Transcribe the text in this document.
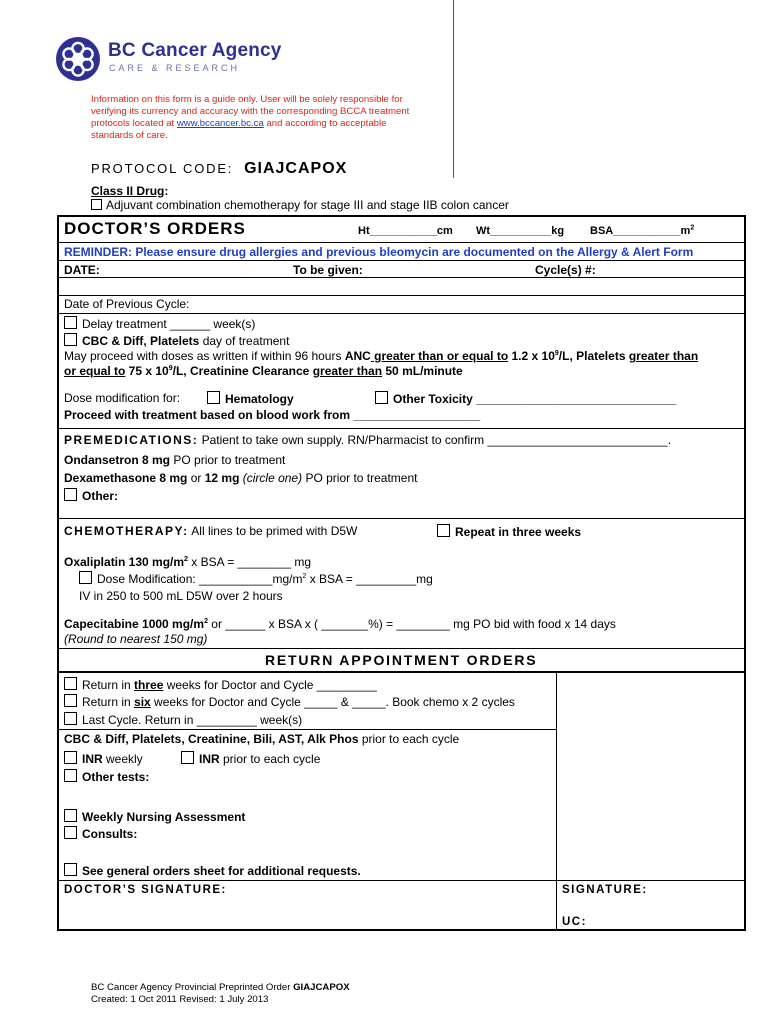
BC Cancer Agency
CARE & RESEARCH
Information on this form is a guide only. User will be solely responsible for verifying its currency and accuracy with the corresponding BCCA treatment protocols located at www.bccancer.bc.ca and according to acceptable standards of care.
PROTOCOL CODE: GIAJCAPOX
Class II Drug:
Adjuvant combination chemotherapy for stage III and stage IIB colon cancer
DOCTOR’S ORDERS	Ht___________cm Wt__________kg $BSA\_\_\_\_\_\_\_\_\_\_\_m^2$
REMINDER: Please ensure drug allergies and previous bleomycin are documented on the Allergy & Alert Form
DATE:	To be given:	Cycle(s) #:
Date of Previous Cycle:
Delay treatment ______ week(s)
CBC & Diff, Platelets day of treatment
May proceed with doses as written if within 96 hours ANC greater than or equal to 1.2 x $10^9/L$, Platelets greater than
or equal to 75 x $10^9/L$, Creatinine Clearance greater than 50 mL/minute
Dose modification for:	Hematology	Other Toxicity ______________________________
Proceed with treatment based on blood work from ___________________
PREMEDICATIONS: Patient to take own supply. RN/Pharmacist to confirm ___________________________.
Ondansetron 8 mg PO prior to treatment
Dexamethasone 8 mg or 12 mg (circle one) PO prior to treatment
Other:
CHEMOTHERAPY: All lines to be primed with D5W	Repeat in three weeks
Oxaliplatin 130 $mg/m^2$ x BSA = ________ mg
Dose Modification: $\_\_\_\_\_\_\_\_\_\_\_mg/m^2$ x BSA = _________mg
IV in 250 to 500 mL D5W over 2 hours
Capecitabine 1000 $mg/m^2$ or ______ x BSA x ( _______%) = ________ mg PO bid with food x 14 days
(Round to nearest 150 mg)
RETURN APPOINTMENT ORDERS
Return in three weeks for Doctor and Cycle _________
Return in six weeks for Doctor and Cycle _____ & _____. Book chemo x 2 cycles
Last Cycle. Return in _________ week(s)
CBC & Diff, Platelets, Creatinine, Bili, AST, Alk Phos prior to each cycle
INR weekly	INR prior to each cycle
Other tests:
Weekly Nursing Assessment
Consults:
See general orders sheet for additional requests.
DOCTOR’S SIGNATURE:	SIGNATURE:
UC:
BC Cancer Agency Provincial Preprinted Order GIAJCAPOX
Created: 1 Oct 2011 Revised: 1 July 2013
